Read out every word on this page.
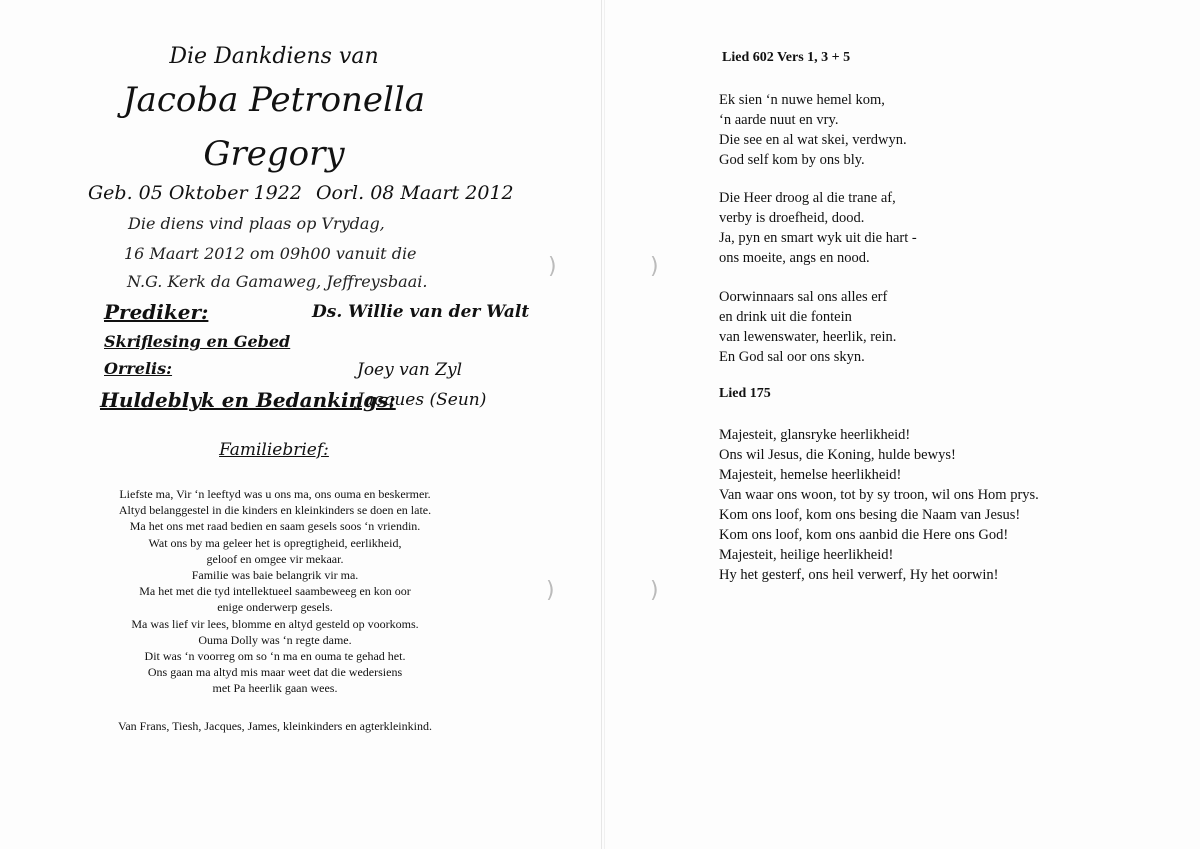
Die Dankdiens van
Jacoba Petronella
Gregory
Geb. 05 Oktober 1922 Oorl. 08 Maart 2012
Die diens vind plaas op Vrydag,
16 Maart 2012 om 09h00 vanuit die
N.G. Kerk da Gamaweg, Jeffreysbaai.
Prediker:	Ds. Willie van der Walt
Skriflesing en Gebed
Orrelis:	Joey van Zyl
Huldeblyk en Bedankings:
Jacques (Seun)
Familiebrief:
Liefste ma, Vir ‘n leeftyd was u ons ma, ons ouma en beskermer.
Altyd belanggestel in die kinders en kleinkinders se doen en late.
Ma het ons met raad bedien en saam gesels soos ‘n vriendin.
Wat ons by ma geleer het is opregtigheid, eerlikheid,
geloof en omgee vir mekaar.
Familie was baie belangrik vir ma.
Ma het met die tyd intellektueel saambeweeg en kon oor
enige onderwerp gesels.
Ma was lief vir lees, blomme en altyd gesteld op voorkoms.
Ouma Dolly was ‘n regte dame.
Dit was ‘n voorreg om so ‘n ma en ouma te gehad het.
Ons gaan ma altyd mis maar weet dat die wedersiens
met Pa heerlik gaan wees.
Van Frans, Tiesh, Jacques, James, kleinkinders en agterkleinkind.
)	)
)	)
Lied 602 Vers 1, 3 + 5
Ek sien ‘n nuwe hemel kom,
‘n aarde nuut en vry.
Die see en al wat skei, verdwyn.
God self kom by ons bly.
Die Heer droog al die trane af,
verby is droefheid, dood.
Ja, pyn en smart wyk uit die hart -
ons moeite, angs en nood.
Oorwinnaars sal ons alles erf
en drink uit die fontein
van lewenswater, heerlik, rein.
En God sal oor ons skyn.
Lied 175
Majesteit, glansryke heerlikheid!
Ons wil Jesus, die Koning, hulde bewys!
Majesteit, hemelse heerlikheid!
Van waar ons woon, tot by sy troon, wil ons Hom prys.
Kom ons loof, kom ons besing die Naam van Jesus!
Kom ons loof, kom ons aanbid die Here ons God!
Majesteit, heilige heerlikheid!
Hy het gesterf, ons heil verwerf, Hy het oorwin!
